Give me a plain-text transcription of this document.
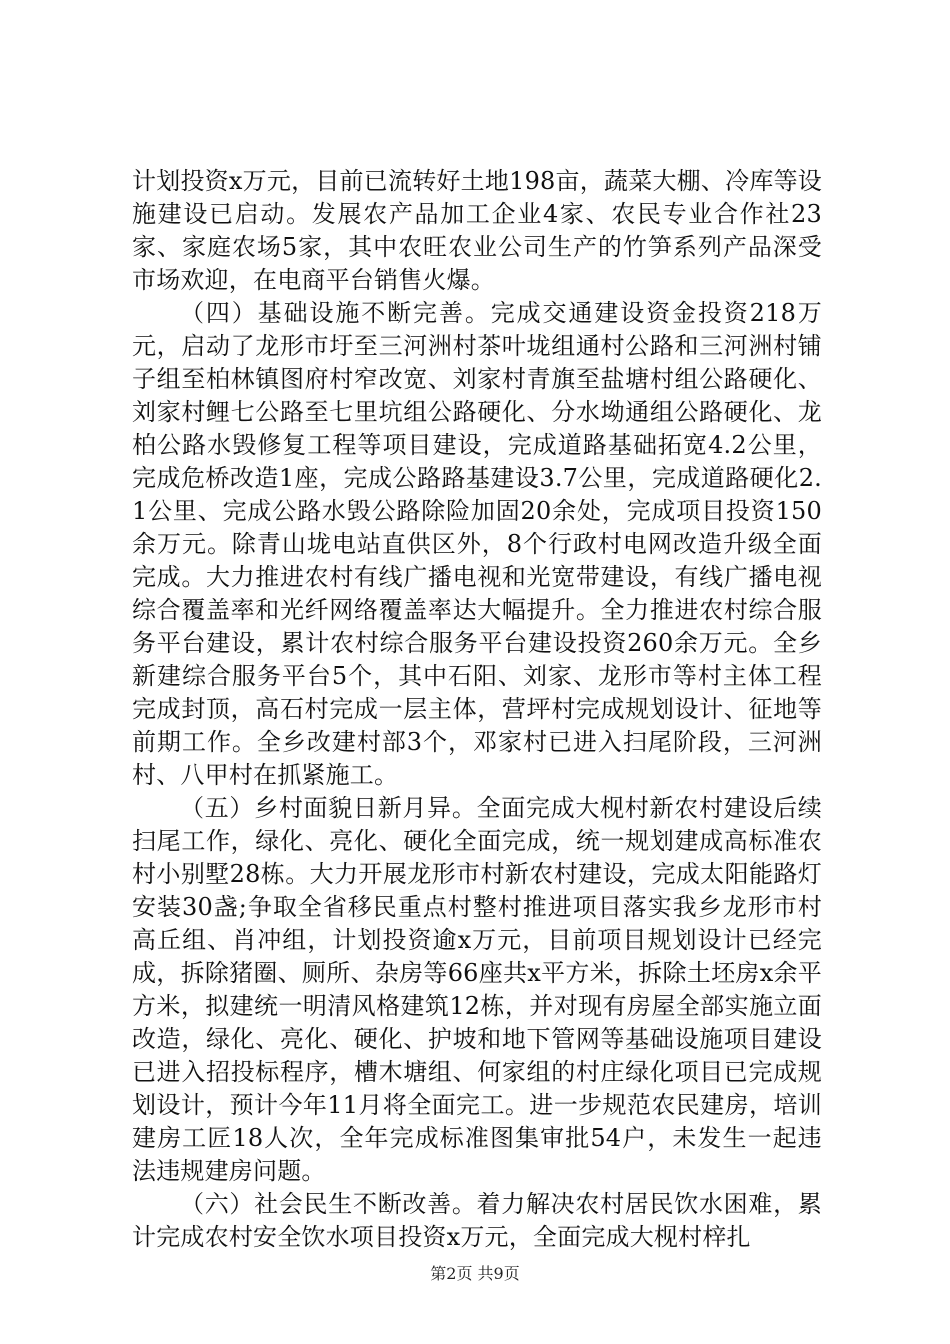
计划投资x万元，目前已流转好土地198亩，蔬菜大棚、冷库等设施建设已启动。发展农产品加工企业4家、农民专业合作社23家、家庭农场5家，其中农旺农业公司生产的竹笋系列产品深受市场欢迎，在电商平台销售火爆。

（四）基础设施不断完善。完成交通建设资金投资218万元，启动了龙形市圩至三河洲村茶叶垅组通村公路和三河洲村铺子组至柏林镇图府村窄改宽、刘家村青旗至盐塘村组公路硬化、刘家村鲤七公路至七里坑组公路硬化、分水坳通组公路硬化、龙柏公路水毁修复工程等项目建设，完成道路基础拓宽4.2公里，完成危桥改造1座，完成公路路基建设3.7公里，完成道路硬化2.1公里、完成公路水毁公路除险加固20余处，完成项目投资150余万元。除青山垅电站直供区外，8个行政村电网改造升级全面完成。大力推进农村有线广播电视和光宽带建设，有线广播电视综合覆盖率和光纤网络覆盖率达大幅提升。全力推进农村综合服务平台建设，累计农村综合服务平台建设投资260余万元。全乡新建综合服务平台5个，其中石阳、刘家、龙形市等村主体工程完成封顶，高石村完成一层主体，营坪村完成规划设计、征地等前期工作。全乡改建村部3个，邓家村已进入扫尾阶段，三河洲村、八甲村在抓紧施工。

（五）乡村面貌日新月异。全面完成大枧村新农村建设后续扫尾工作，绿化、亮化、硬化全面完成，统一规划建成高标准农村小别墅28栋。大力开展龙形市村新农村建设，完成太阳能路灯安装30盏;争取全省移民重点村整村推进项目落实我乡龙形市村高丘组、肖冲组，计划投资逾x万元，目前项目规划设计已经完成，拆除猪圈、厕所、杂房等66座共x平方米，拆除土坯房x余平方米，拟建统一明清风格建筑12栋，并对现有房屋全部实施立面改造，绿化、亮化、硬化、护坡和地下管网等基础设施项目建设已进入招投标程序，槽木塘组、何家组的村庄绿化项目已完成规划设计，预计今年11月将全面完工。进一步规范农民建房，培训建房工匠18人次，全年完成标准图集审批54户，未发生一起违法违规建房问题。

（六）社会民生不断改善。着力解决农村居民饮水困难，累计完成农村安全饮水项目投资x万元，全面完成大枧村梓扎

第2页 共9页
